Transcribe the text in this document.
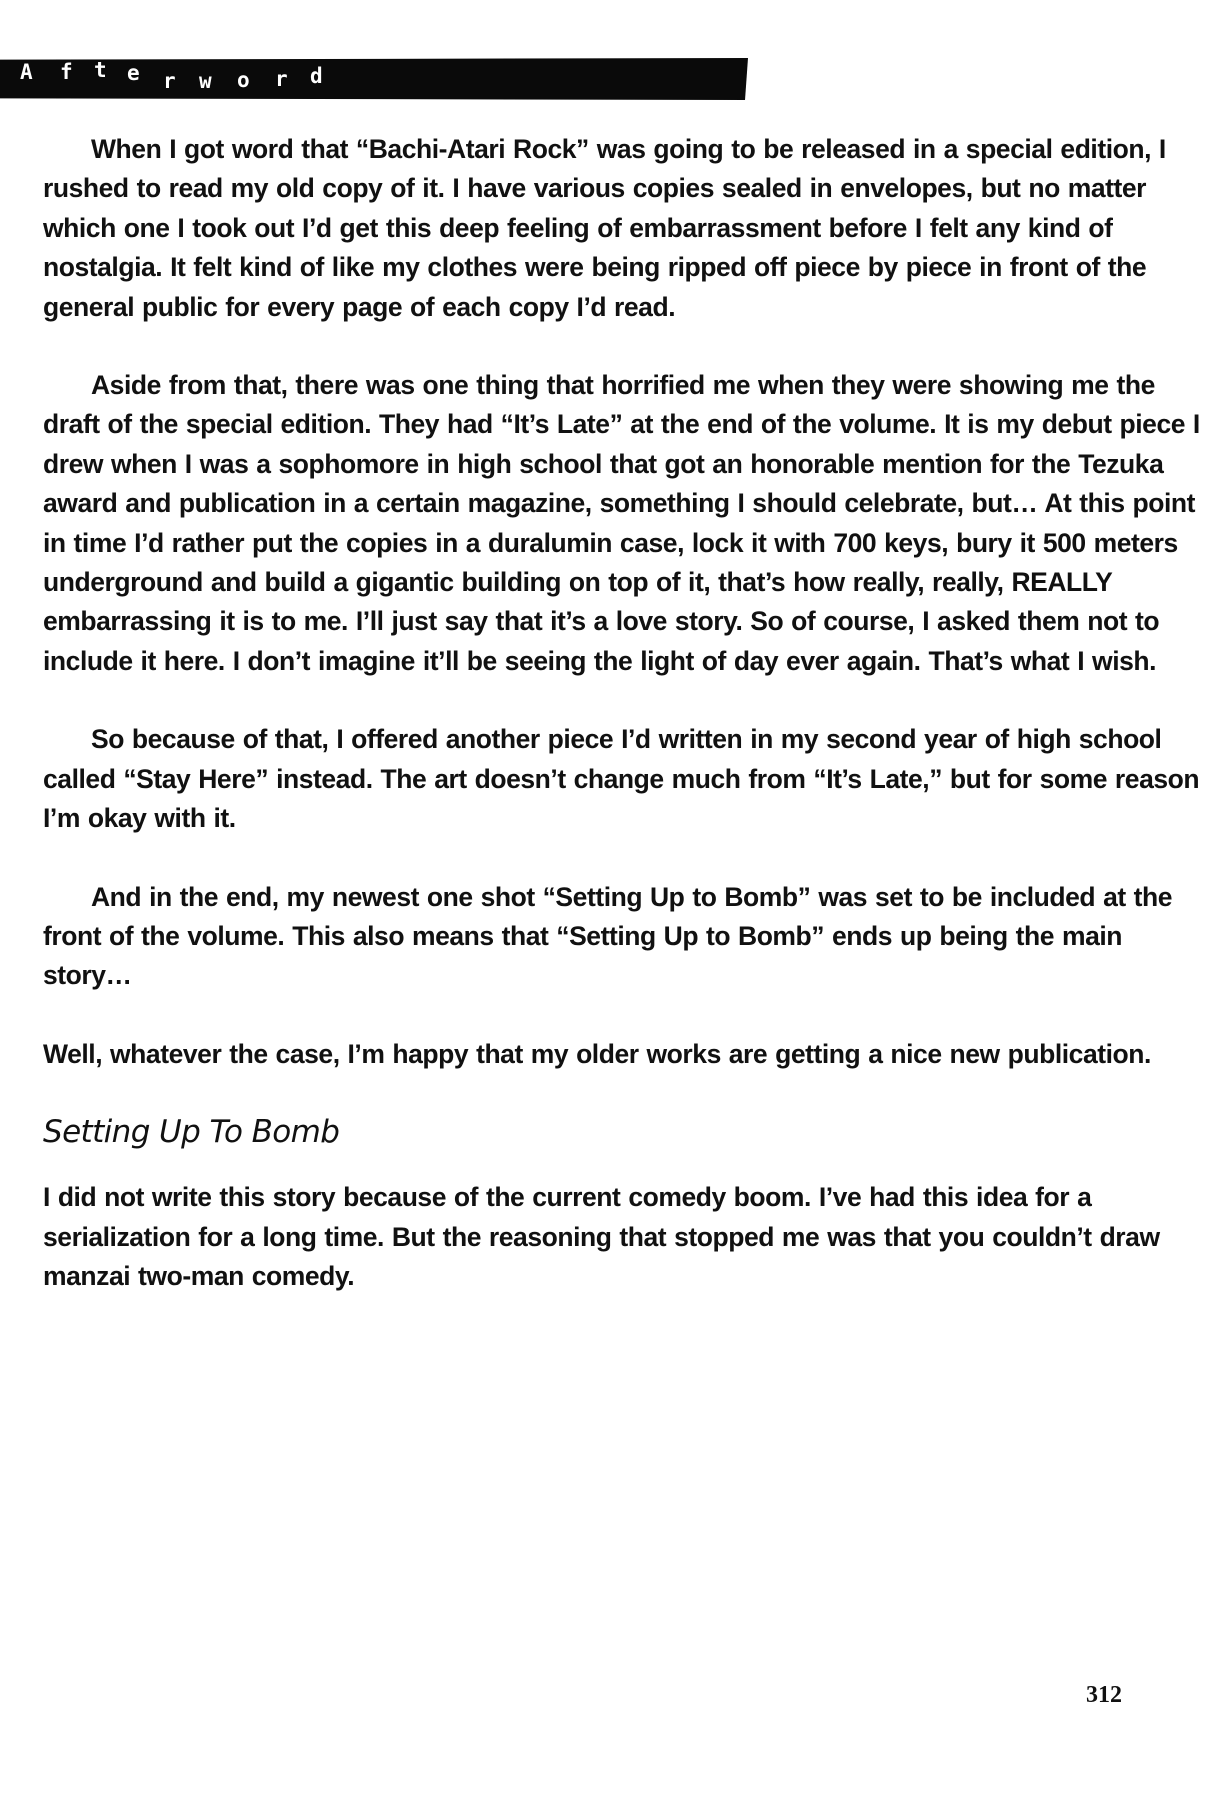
A f t e r w o r d

When I got word that “Bachi-Atari Rock” was going to be released in a special edition, I rushed to read my old copy of it. I have various copies sealed in envelopes, but no matter which one I took out I’d get this deep feeling of embarrassment before I felt any kind of nostalgia. It felt kind of like my clothes were being ripped off piece by piece in front of the general public for every page of each copy I’d read.

Aside from that, there was one thing that horrified me when they were showing me the draft of the special edition. They had “It’s Late” at the end of the volume. It is my debut piece I drew when I was a sophomore in high school that got an honorable mention for the Tezuka award and publication in a certain magazine, something I should celebrate, but… At this point in time I’d rather put the copies in a duralumin case, lock it with 700 keys, bury it 500 meters underground and build a gigantic building on top of it, that’s how really, really, REALLY embarrassing it is to me. I’ll just say that it’s a love story. So of course, I asked them not to include it here. I don’t imagine it’ll be seeing the light of day ever again. That’s what I wish.

So because of that, I offered another piece I’d written in my second year of high school called “Stay Here” instead. The art doesn’t change much from “It’s Late,” but for some reason I’m okay with it.

And in the end, my newest one shot “Setting Up to Bomb” was set to be included at the front of the volume. This also means that “Setting Up to Bomb” ends up being the main story…

Well, whatever the case, I’m happy that my older works are getting a nice new publication.

Setting Up To Bomb

I did not write this story because of the current comedy boom. I’ve had this idea for a serialization for a long time. But the reasoning that stopped me was that you couldn’t draw manzai two-man comedy.

312
